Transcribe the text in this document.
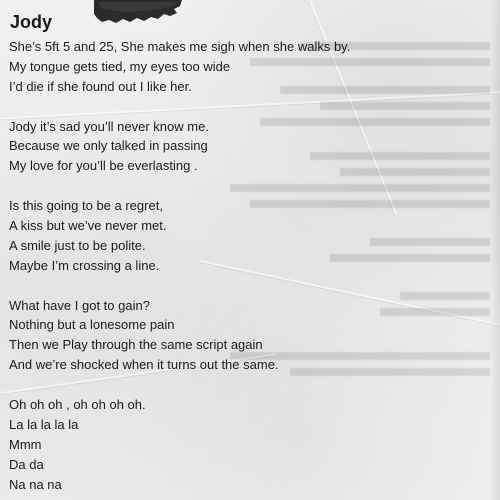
Jody
She’s 5ft 5 and 25, She makes me sigh when she walks by.
My tongue gets tied, my eyes too wide
I’d die if she found out I like her.
Jody it’s sad you’ll never know me.
Because we only talked in passing
My love for you’ll be everlasting .
Is this going to be a regret,
A kiss but we’ve never met.
A smile just to be polite.
Maybe I’m crossing a line.
What have I got to gain?
Nothing but a lonesome pain
Then we Play through the same script again
And we’re shocked when it turns out the same.
Oh oh oh , oh oh oh oh.
La la la la la
Mmm
Da da
Na na na
